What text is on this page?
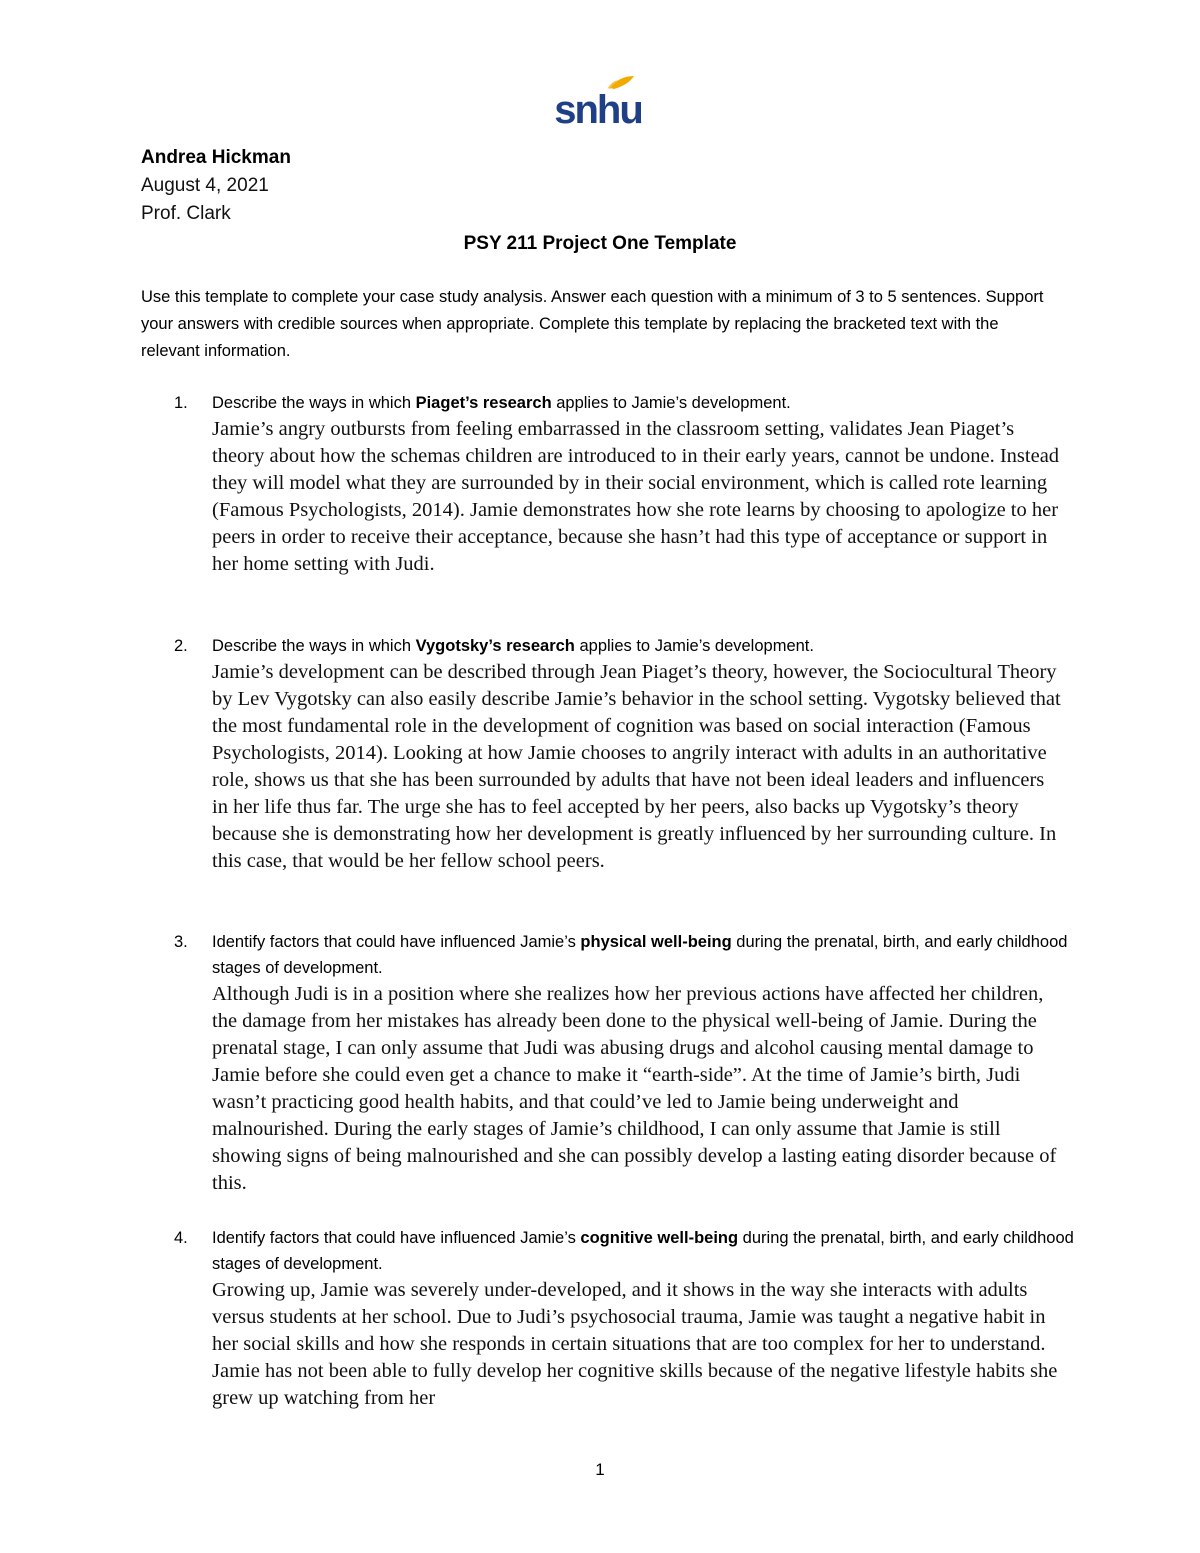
snhu
Andrea Hickman
August 4, 2021
Prof. Clark
PSY 211 Project One Template
Use this template to complete your case study analysis. Answer each question with a minimum of 3 to 5 sentences. Support your answers with credible sources when appropriate. Complete this template by replacing the bracketed text with the relevant information.
1. Describe the ways in which Piaget’s research applies to Jamie’s development.
Jamie’s angry outbursts from feeling embarrassed in the classroom setting, validates Jean Piaget’s theory about how the schemas children are introduced to in their early years, cannot be undone. Instead they will model what they are surrounded by in their social environment, which is called rote learning (Famous Psychologists, 2014). Jamie demonstrates how she rote learns by choosing to apologize to her peers in order to receive their acceptance, because she hasn’t had this type of acceptance or support in her home setting with Judi.
2. Describe the ways in which Vygotsky’s research applies to Jamie’s development.
Jamie’s development can be described through Jean Piaget’s theory, however, the Sociocultural Theory by Lev Vygotsky can also easily describe Jamie’s behavior in the school setting. Vygotsky believed that the most fundamental role in the development of cognition was based on social interaction (Famous Psychologists, 2014). Looking at how Jamie chooses to angrily interact with adults in an authoritative role, shows us that she has been surrounded by adults that have not been ideal leaders and influencers in her life thus far. The urge she has to feel accepted by her peers, also backs up Vygotsky’s theory because she is demonstrating how her development is greatly influenced by her surrounding culture. In this case, that would be her fellow school peers.
3. Identify factors that could have influenced Jamie’s physical well-being during the prenatal, birth, and early childhood stages of development.
Although Judi is in a position where she realizes how her previous actions have affected her children, the damage from her mistakes has already been done to the physical well-being of Jamie. During the prenatal stage, I can only assume that Judi was abusing drugs and alcohol causing mental damage to Jamie before she could even get a chance to make it “earth-side”. At the time of Jamie’s birth, Judi wasn’t practicing good health habits, and that could’ve led to Jamie being underweight and malnourished. During the early stages of Jamie’s childhood, I can only assume that Jamie is still showing signs of being malnourished and she can possibly develop a lasting eating disorder because of this.
4. Identify factors that could have influenced Jamie’s cognitive well-being during the prenatal, birth, and early childhood stages of development.
Growing up, Jamie was severely under-developed, and it shows in the way she interacts with adults versus students at her school. Due to Judi’s psychosocial trauma, Jamie was taught a negative habit in her social skills and how she responds in certain situations that are too complex for her to understand. Jamie has not been able to fully develop her cognitive skills because of the negative lifestyle habits she grew up watching from her
1
